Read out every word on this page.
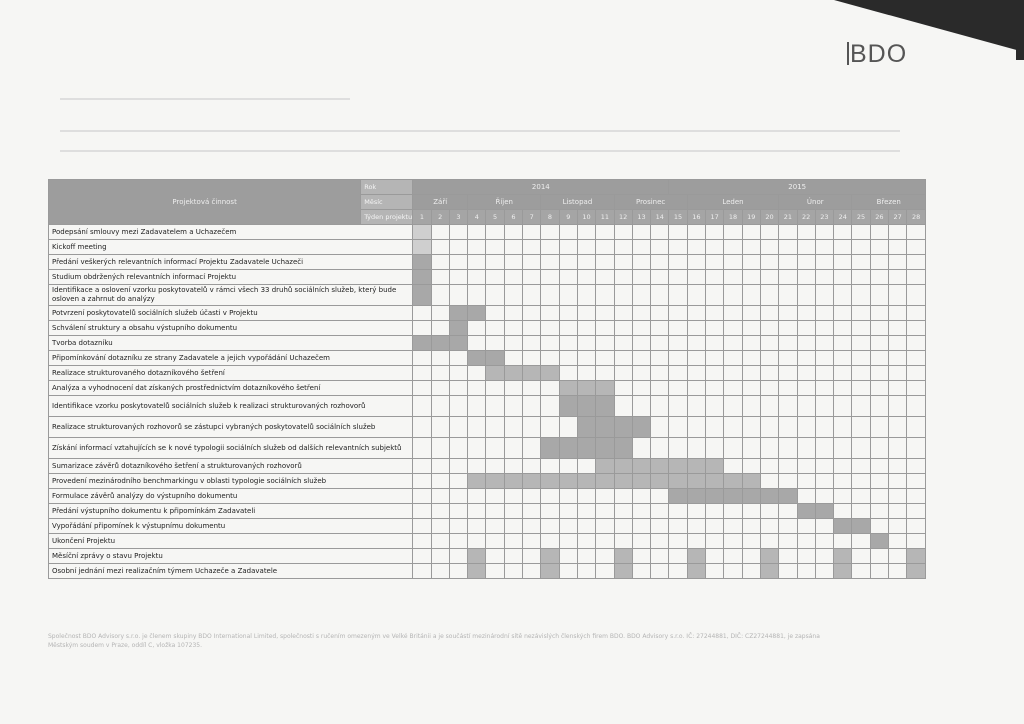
BDO
Projektová činnost	Rok	2014														2015													
	Měsíc	Září			Říjen				Listopad				Prosinec				Leden					Únor				Březen			
	Týden projektu	1	2	3	4	5	6	7	8	9	10	11	12	13	14	15	16	17	18	19	20	21	22	23	24	25	26	27	28
Podepsání smlouvy mezi Zadavatelem a Uchazečem																													
Kickoff meeting																													
Předání veškerých relevantních informací Projektu Zadavatele Uchazeči																													
Studium obdržených relevantních informací Projektu																													
Identifikace a oslovení vzorku poskytovatelů v rámci všech 33 druhů sociálních služeb, který bude osloven a zahrnut do analýzy																													
Potvrzení poskytovatelů sociálních služeb účasti v Projektu																													
Schválení struktury a obsahu výstupního dokumentu																													
Tvorba dotazníku																													
Připomínkování dotazníku ze strany Zadavatele a jejich vypořádání Uchazečem																													
Realizace strukturovaného dotazníkového šetření																													
Analýza a vyhodnocení dat získaných prostřednictvím dotazníkového šetření																													
Identifikace vzorku poskytovatelů sociálních služeb k realizaci strukturovaných rozhovorů																													
Realizace strukturovaných rozhovorů se zástupci vybraných poskytovatelů sociálních služeb																													
Získání informací vztahujících se k nové typologii sociálních služeb od dalších relevantních subjektů																													
Sumarizace závěrů dotazníkového šetření a strukturovaných rozhovorů																													
Provedení mezinárodního benchmarkingu v oblasti typologie sociálních služeb																													
Formulace závěrů analýzy do výstupního dokumentu																													
Předání výstupního dokumentu k připomínkám Zadavateli																													
Vypořádání připomínek k výstupnímu dokumentu																													
Ukončení Projektu																													
Měsíční zprávy o stavu Projektu																													
Osobní jednání mezi realizačním týmem Uchazeče a Zadavatele																													
Společnost BDO Advisory s.r.o. je členem skupiny BDO International Limited, společnosti s ručením omezeným ve Velké Británii a je součástí mezinárodní sítě nezávislých členských firem BDO. BDO Advisory s.r.o. IČ: 27244881, DIČ: CZ27244881, je zapsána
Městským soudem v Praze, oddíl C, vložka 107235.
